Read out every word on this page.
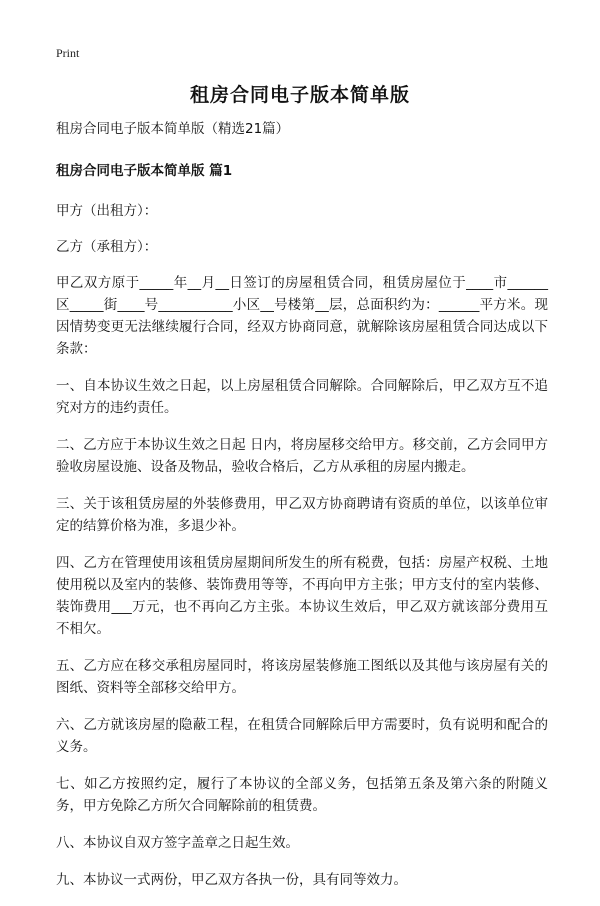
Print
租房合同电子版本简单版

租房合同电子版本简单版（精选21篇）

租房合同电子版本简单版 篇1

甲方（出租方）：

乙方（承租方）：

甲乙双方原于_____年__月__日签订的房屋租赁合同，租赁房屋位于____市______区_____街____号___________小区__号楼第__层，总面积约为：______平方米。现因情势变更无法继续履行合同，经双方协商同意，就解除该房屋租赁合同达成以下条款：

一、自本协议生效之日起，以上房屋租赁合同解除。合同解除后，甲乙双方互不追究对方的违约责任。

二、乙方应于本协议生效之日起 日内，将房屋移交给甲方。移交前，乙方会同甲方验收房屋设施、设备及物品，验收合格后，乙方从承租的房屋内搬走。

三、关于该租赁房屋的外装修费用，甲乙双方协商聘请有资质的单位，以该单位审定的结算价格为准，多退少补。

四、乙方在管理使用该租赁房屋期间所发生的所有税费，包括：房屋产权税、土地使用税以及室内的装修、装饰费用等等，不再向甲方主张；甲方支付的室内装修、装饰费用___万元，也不再向乙方主张。本协议生效后，甲乙双方就该部分费用互不相欠。

五、乙方应在移交承租房屋同时，将该房屋装修施工图纸以及其他与该房屋有关的图纸、资料等全部移交给甲方。

六、乙方就该房屋的隐蔽工程，在租赁合同解除后甲方需要时，负有说明和配合的义务。

七、如乙方按照约定，履行了本协议的全部义务，包括第五条及第六条的附随义务，甲方免除乙方所欠合同解除前的租赁费。

八、本协议自双方签字盖章之日起生效。

九、本协议一式两份，甲乙双方各执一份，具有同等效力。
